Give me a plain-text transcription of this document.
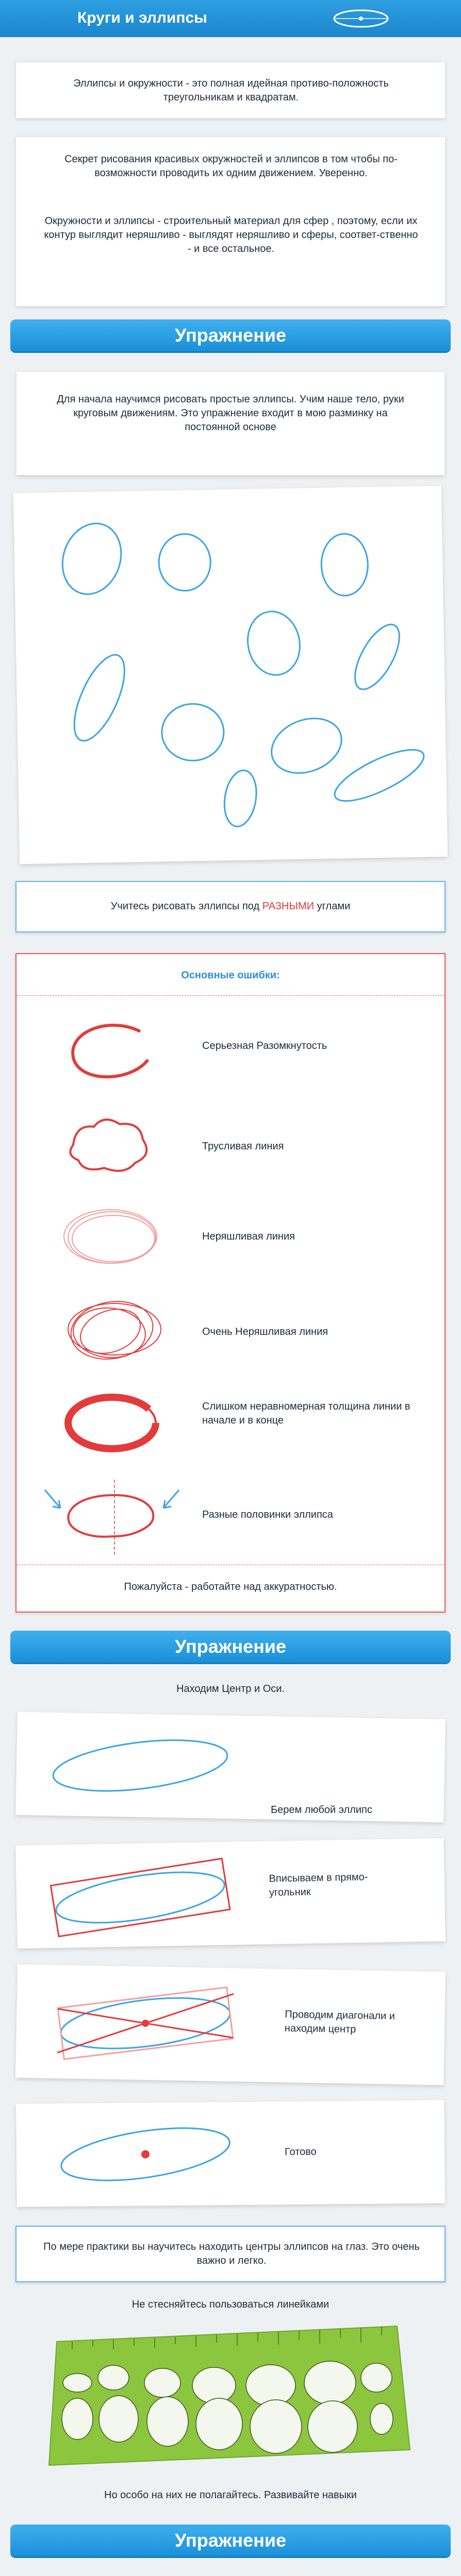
Круги и эллипсы
Эллипсы и окружности - это полная идейная противо-положность треугольникам и квадратам.
Секрет рисования красивых окружностей и эллипсов в том чтобы по-возможности проводить их одним движением. Уверенно.
Окружности и эллипсы - строительный материал для сфер , поэтому, если их контур выглядит неряшливо - выглядят неряшливо и сферы, соответ-ственно - и все остальное.
Упражнение
Для начала научимся рисовать простые эллипсы. Учим наше тело, руки круговым движениям. Это упражнение входит в мою разминку на постоянной основе
Учитесь рисовать эллипсы под РАЗНЫМИ углами
Основные ошибки:
Серьезная Разомкнутость
Трусливая линия
Неряшливая линия
Очень Неряшливая линия
Слишком неравномерная толщина линии в начале и в конце
Разные половинки эллипса
Пожалуйста - работайте над аккуратностью.
Упражнение
Находим Центр и Оси.
Берем любой эллипс
Вписываем в прямо-угольник
Проводим диагонали и находим центр
Готово
По мере практики вы научитесь находить центры эллипсов на глаз. Это очень важно и легко.
Не стесняйтесь пользоваться линейками
Но особо на них не полагайтесь. Развивайте навыки
Упражнение
